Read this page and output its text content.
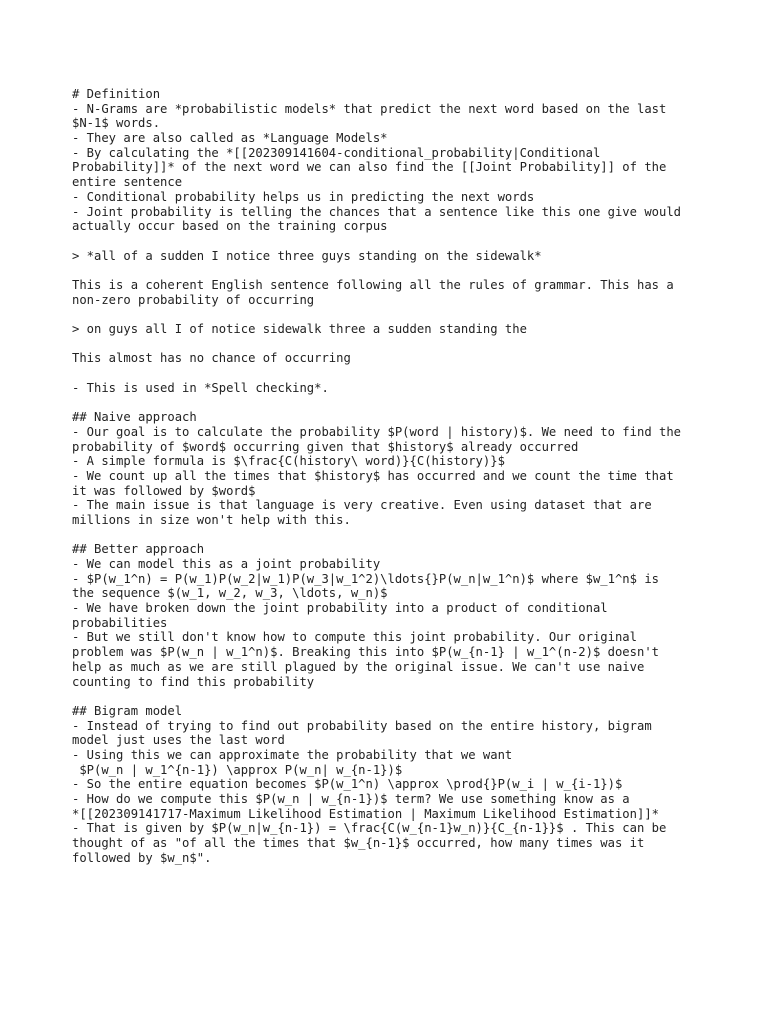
# Definition
- N-Grams are *probabilistic models* that predict the next word based on the last
$N-1$ words.
- They are also called as *Language Models*
- By calculating the *[[202309141604-conditional_probability|Conditional
Probability]]* of the next word we can also find the [[Joint Probability]] of the
entire sentence
- Conditional probability helps us in predicting the next words
- Joint probability is telling the chances that a sentence like this one give would
actually occur based on the training corpus
> *all of a sudden I notice three guys standing on the sidewalk*
This is a coherent English sentence following all the rules of grammar. This has a
non-zero probability of occurring
> on guys all I of notice sidewalk three a sudden standing the
This almost has no chance of occurring
- This is used in *Spell checking*.
## Naive approach
- Our goal is to calculate the probability $P(word | history)$. We need to find the
probability of $word$ occurring given that $history$ already occurred
- A simple formula is $\frac{C(history\ word)}{C(history)}$
- We count up all the times that $history$ has occurred and we count the time that
it was followed by $word$
- The main issue is that language is very creative. Even using dataset that are
millions in size won't help with this.
## Better approach
- We can model this as a joint probability
- $P(w_1^n) = P(w_1)P(w_2|w_1)P(w_3|w_1^2)\ldots{}P(w_n|w_1^n)$ where $w_1^n$ is
the sequence $(w_1, w_2, w_3, \ldots, w_n)$
- We have broken down the joint probability into a product of conditional
probabilities
- But we still don't know how to compute this joint probability. Our original
problem was $P(w_n | w_1^n)$. Breaking this into $P(w_{n-1} | w_1^(n-2)$ doesn't
help as much as we are still plagued by the original issue. We can't use naive
counting to find this probability
## Bigram model
- Instead of trying to find out probability based on the entire history, bigram
model just uses the last word
- Using this we can approximate the probability that we want
$P(w_n | w_1^{n-1}) \approx P(w_n| w_{n-1})$
- So the entire equation becomes $P(w_1^n) \approx \prod{}P(w_i | w_{i-1})$
- How do we compute this $P(w_n | w_{n-1})$ term? We use something know as a
*[[202309141717-Maximum Likelihood Estimation | Maximum Likelihood Estimation]]*
- That is given by $P(w_n|w_{n-1}) = \frac{C(w_{n-1}w_n)}{C_{n-1}}$ . This can be
thought of as "of all the times that $w_{n-1}$ occurred, how many times was it
followed by $w_n$".
